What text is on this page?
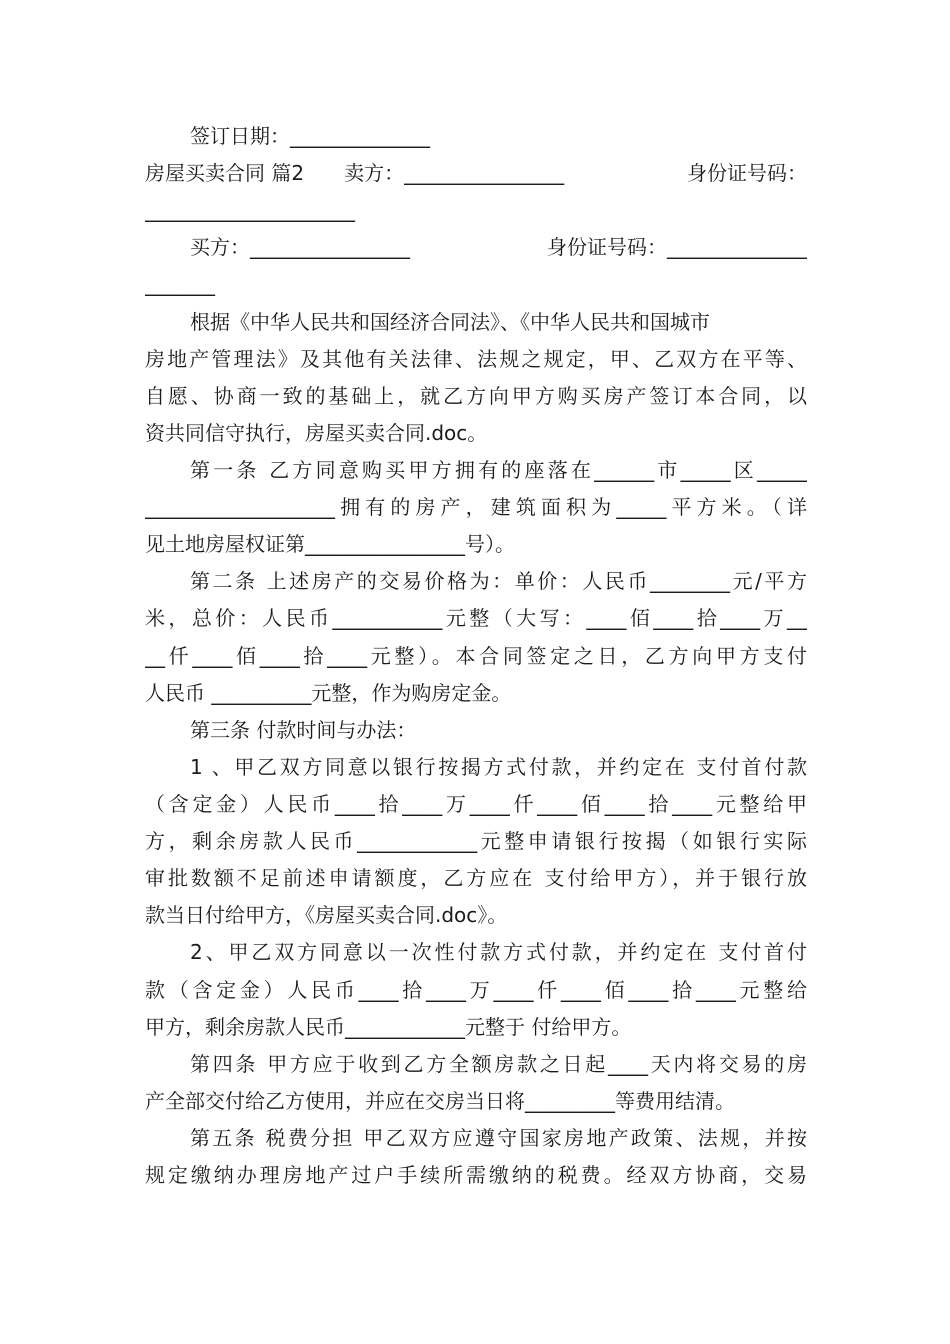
签订日期：______________
房屋买卖合同 篇2　　卖方：________________	身份证号码：
_____________________
买方：________________	身份证号码：______________
_______
根据《中华人民共和国经济合同法》、《中华人民共和国城市
房地产管理法》及其他有关法律、法规之规定，甲、乙双方在平等、
自愿、协商一致的基础上，就乙方向甲方购买房产签订本合同，以
资共同信守执行，房屋买卖合同.doc。
第一条 乙方同意购买甲方拥有的座落在______市_____区_____
___________________拥有的房产，建筑面积为_____平方米。（详
见土地房屋权证第________________号）。
第二条 上述房产的交易价格为：单价：人民币________元/平方
米，总价：人民币___________元整（大写：____佰____拾____万__
__仟____佰____拾____元整）。本合同签定之日，乙方向甲方支付
人民币 __________元整，作为购房定金。
第三条 付款时间与办法：
1 、甲乙双方同意以银行按揭方式付款，并约定在 支付首付款
（含定金）人民币____拾____万____仟____佰____拾____元整给甲
方，剩余房款人民币____________元整申请银行按揭（如银行实际
审批数额不足前述申请额度，乙方应在 支付给甲方），并于银行放
款当日付给甲方，《房屋买卖合同.doc》。
2、甲乙双方同意以一次性付款方式付款，并约定在 支付首付
款（含定金）人民币____拾____万____仟____佰____拾____元整给
甲方，剩余房款人民币____________元整于 付给甲方。
第四条 甲方应于收到乙方全额房款之日起____天内将交易的房
产全部交付给乙方使用，并应在交房当日将_________等费用结清。
第五条 税费分担 甲乙双方应遵守国家房地产政策、法规，并按
规定缴纳办理房地产过户手续所需缴纳的税费。经双方协商，交易
